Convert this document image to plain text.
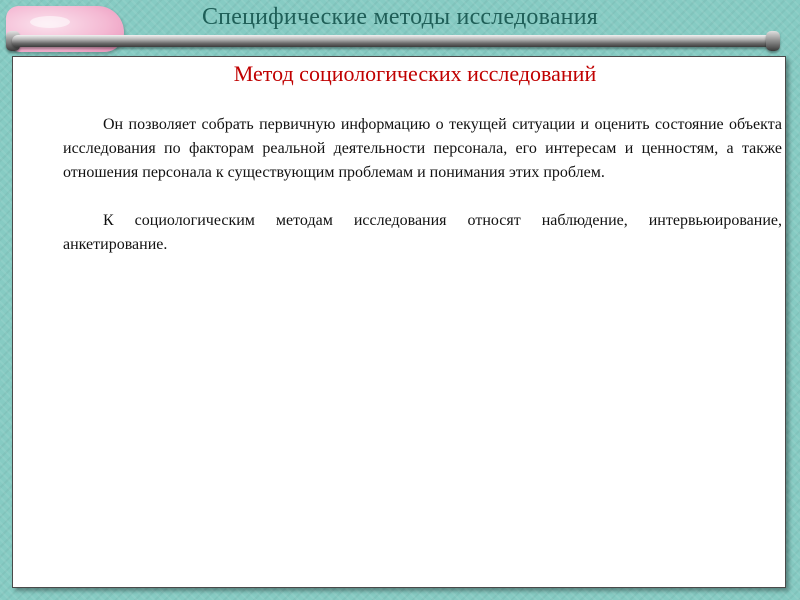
Специфические методы исследования
Метод социологических исследований

Он позволяет собрать первичную информацию о текущей ситуации и оценить состояние объекта исследования по факторам реальной деятельности персонала, его интересам и ценностям, а также отношения персонала к существующим проблемам и понимания этих проблем.

К социологическим методам исследования относят наблюдение, интервьюирование, анкетирование.
